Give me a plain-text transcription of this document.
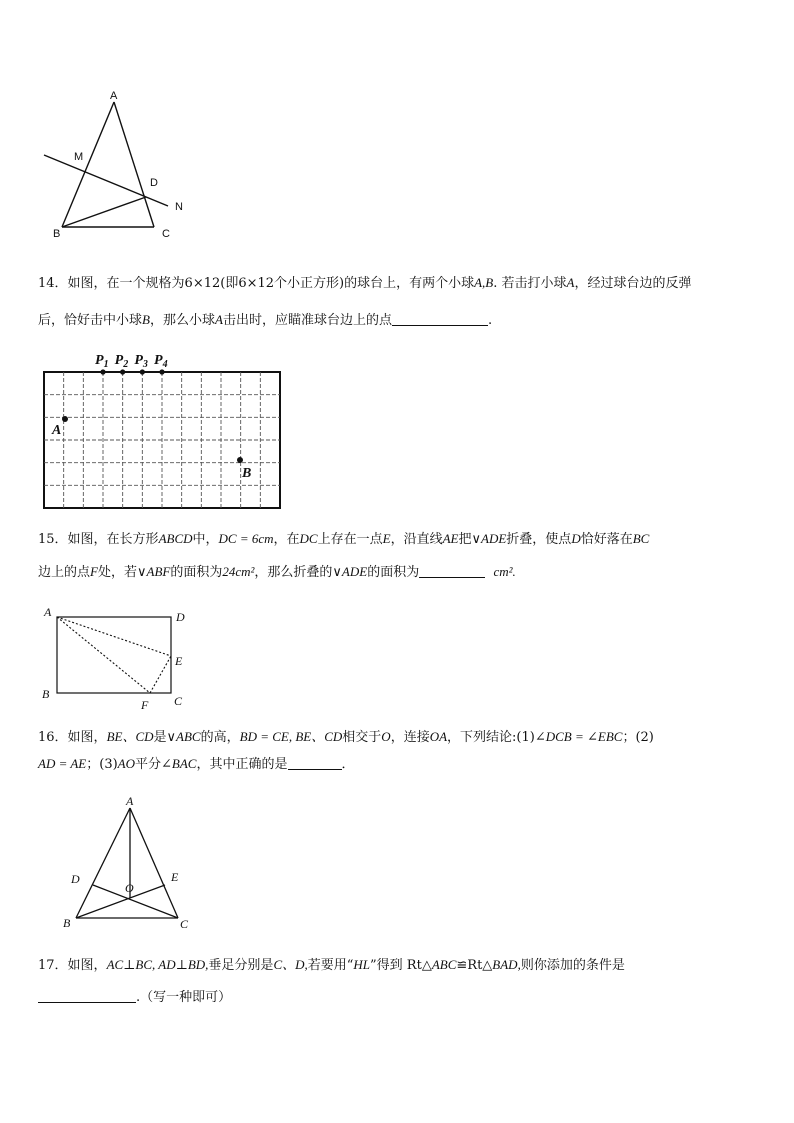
A
M
D
N
B	C

14．如图，在一个规格为6×12(即6×12个小正方形)的球台上，有两个小球A,B. 若击打小球A，经过球台边的反弹

后，恰好击中小球B，那么小球A击出时，应瞄准球台边上的点	.

$P_1$ $P_2$ $P_3$ $P_4$
A
B

15．如图，在长方形ABCD中，DC = 6cm，在DC上存在一点E，沿直线AE把∨ADE折叠，使点D恰好落在BC

边上的点F处，若∨ABF的面积为24cm²，那么折叠的∨ADE的面积为	cm².

A	D
E
B	C
F

16．如图，BE、CD是∨ABC的高，BD = CE, BE、CD相交于O，连接OA，下列结论:(1)∠DCB = ∠EBC；(2)

AD = AE；(3)AO平分∠BAC，其中正确的是	．

A
D	E
O
B	C

17．如图，AC⊥BC, AD⊥BD,垂足分别是C、D,若要用“HL”得到 Rt△ABC≌Rt△BAD,则你添加的条件是

.（写一种即可）
